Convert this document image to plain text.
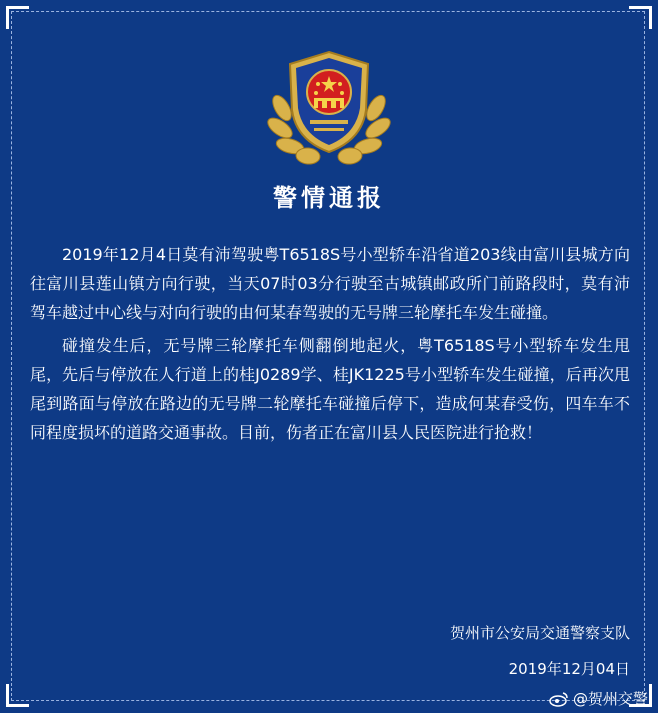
警情通报

2019年12月4日莫有沛驾驶粤T6518S号小型轿车沿省道203线由富川县城方向往富川县莲山镇方向行驶，当天07时03分行驶至古城镇邮政所门前路段时，莫有沛驾车越过中心线与对向行驶的由何某春驾驶的无号牌三轮摩托车发生碰撞。

碰撞发生后，无号牌三轮摩托车侧翻倒地起火，粤T6518S号小型轿车发生甩尾，先后与停放在人行道上的桂J0289学、桂JK1225号小型轿车发生碰撞，后再次甩尾到路面与停放在路边的无号牌二轮摩托车碰撞后停下，造成何某春受伤，四车车不同程度损坏的道路交通事故。目前，伤者正在富川县人民医院进行抢救！

贺州市公安局交通警察支队
2019年12月04日
@贺州交警
